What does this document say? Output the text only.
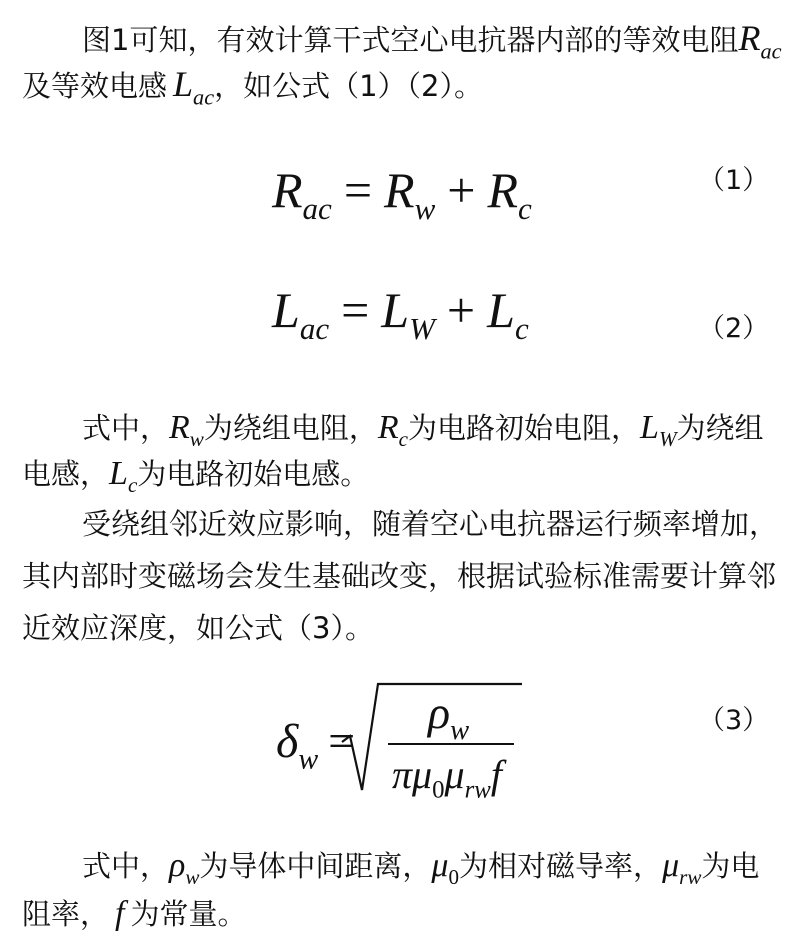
图1可知，有效计算干式空心电抗器内部的等效电阻$R_{ac}$
及等效电感 $L_{ac}$，如公式（1）（2）。
$R_{ac} = R_w + R_c$
（1）
$L_{ac} = L_W + L_c$	（2）
式中，$R_w$为绕组电阻，$R_c$为电路初始电阻，$L_W$为绕组
电感，$L_c$为电路初始电感。
受绕组邻近效应影响，随着空心电抗器运行频率增加，
其内部时变磁场会发生基础改变，根据试验标准需要计算邻
近效应深度，如公式（3）。
$\delta_w$ =
$\rho_w$
$\pi\mu_0\mu_{rw}f$
（3）
式中，$\rho_w$为导体中间距离，$\mu_0$为相对磁导率，$\mu_{rw}$为电
阻率， f 为常量。
